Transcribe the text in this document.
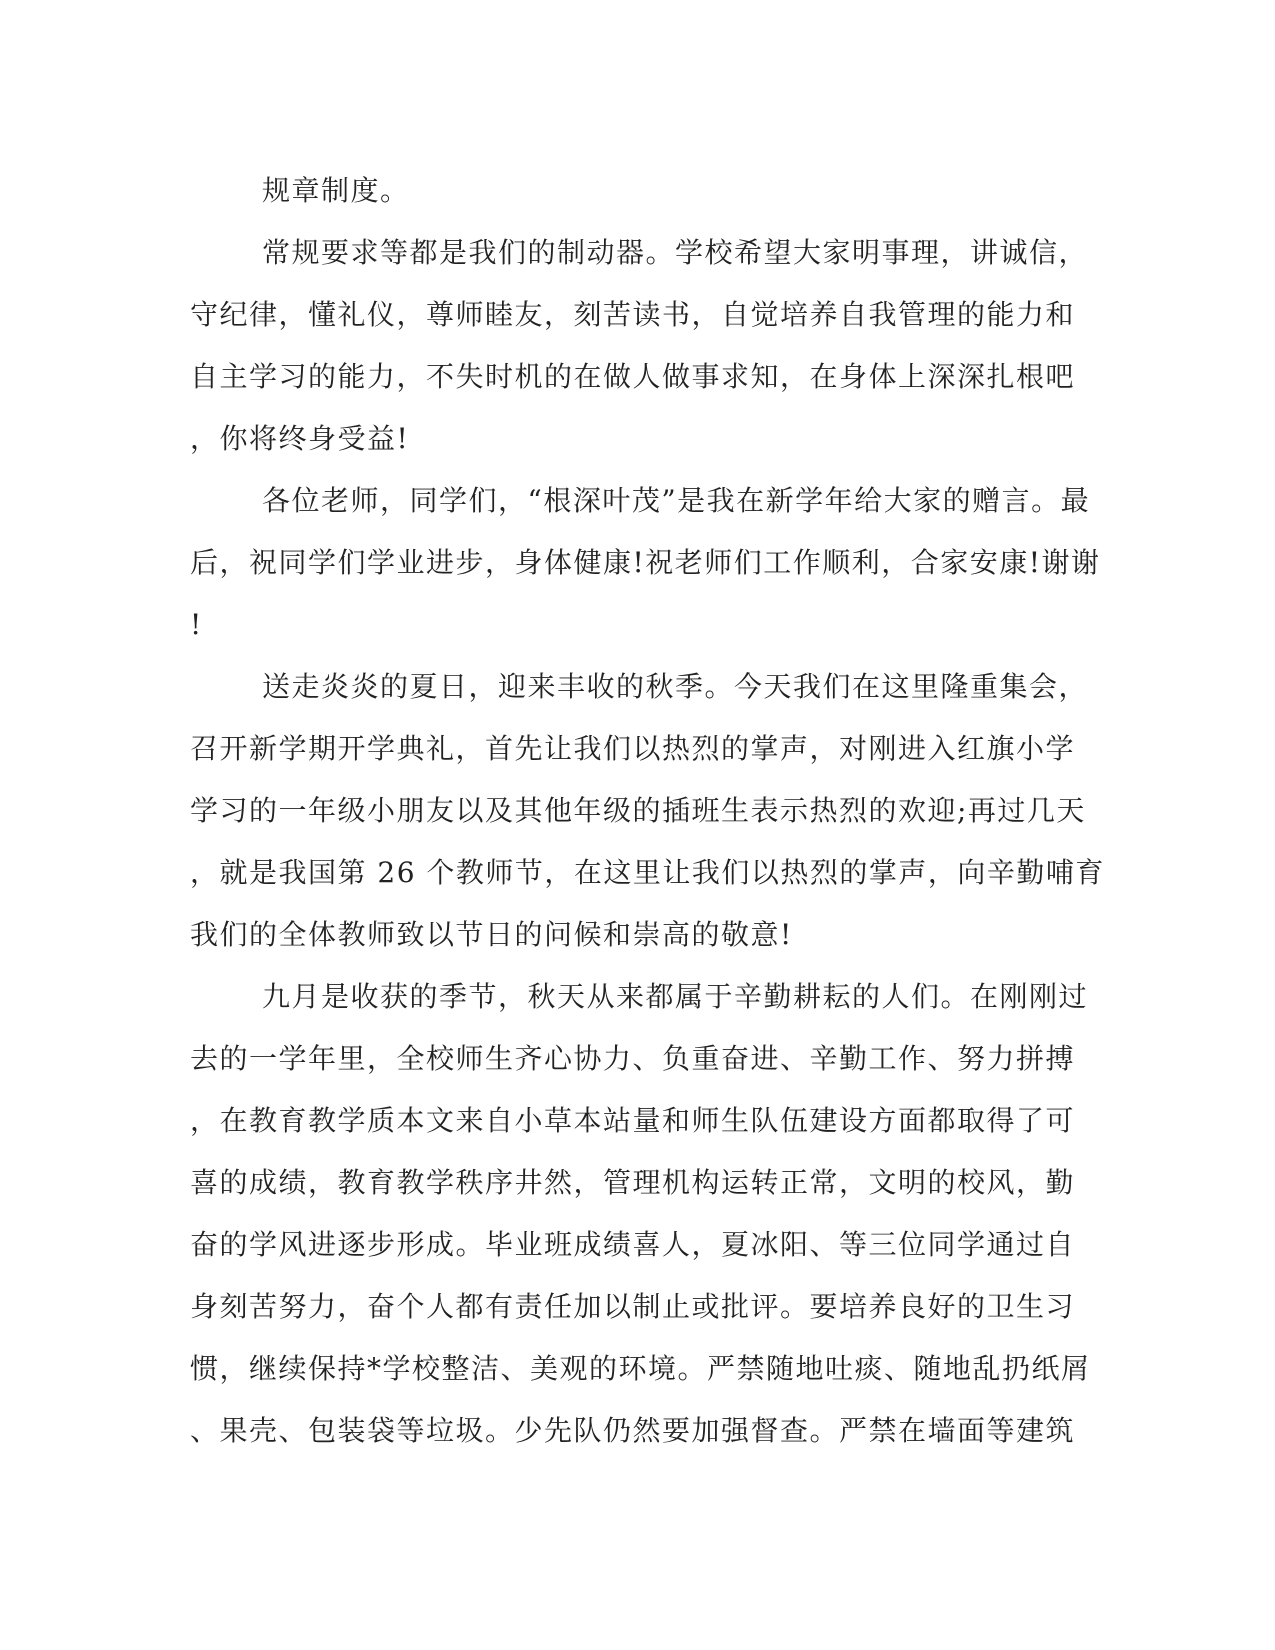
规章制度。
常规要求等都是我们的制动器。学校希望大家明事理，讲诚信，
守纪律，懂礼仪，尊师睦友，刻苦读书，自觉培养自我管理的能力和
自主学习的能力，不失时机的在做人做事求知，在身体上深深扎根吧
，你将终身受益!
各位老师，同学们，“根深叶茂”是我在新学年给大家的赠言。最
后，祝同学们学业进步，身体健康!祝老师们工作顺利，合家安康!谢谢
!
送走炎炎的夏日，迎来丰收的秋季。今天我们在这里隆重集会，
召开新学期开学典礼，首先让我们以热烈的掌声，对刚进入红旗小学
学习的一年级小朋友以及其他年级的插班生表示热烈的欢迎;再过几天
，就是我国第 26 个教师节，在这里让我们以热烈的掌声，向辛勤哺育
我们的全体教师致以节日的问候和崇高的敬意!
九月是收获的季节，秋天从来都属于辛勤耕耘的人们。在刚刚过
去的一学年里，全校师生齐心协力、负重奋进、辛勤工作、努力拼搏
，在教育教学质本文来自小草本站量和师生队伍建设方面都取得了可
喜的成绩，教育教学秩序井然，管理机构运转正常，文明的校风，勤
奋的学风进逐步形成。毕业班成绩喜人，夏冰阳、等三位同学通过自
身刻苦努力，奋个人都有责任加以制止或批评。要培养良好的卫生习
惯，继续保持*学校整洁、美观的环境。严禁随地吐痰、随地乱扔纸屑
、果壳、包装袋等垃圾。少先队仍然要加强督查。严禁在墙面等建筑
